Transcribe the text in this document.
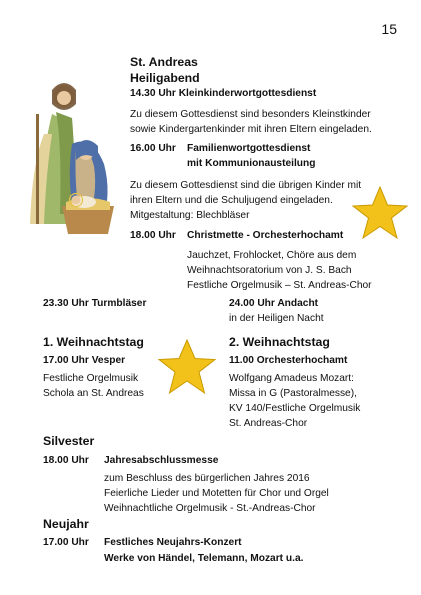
15
St. Andreas
Heiligabend
14.30 Uhr Kleinkinderwortgottesdienst
Zu diesem Gottesdienst sind besonders Kleinstkinder
sowie Kindergartenkinder mit ihren Eltern eingeladen.
16.00 Uhr Familienwortgottesdienst
mit Kommunionausteilung
Zu diesem Gottesdienst sind die übrigen Kinder mit
ihren Eltern und die Schuljugend eingeladen.
Mitgestaltung: Blechbläser
18.00 Uhr Christmette - Orchesterhochamt
Jauchzet, Frohlocket, Chöre aus dem
Weihnachtsoratorium von J. S. Bach
Festliche Orgelmusik – St. Andreas-Chor
23.30 Uhr Turmbläser	24.00 Uhr Andacht
in der Heiligen Nacht
1. Weihnachtstag
17.00 Uhr Vesper
Festliche Orgelmusik
Schola an St. Andreas
2. Weihnachtstag
11.00 Orchesterhochamt
Wolfgang Amadeus Mozart:
Missa in G (Pastoralmesse),
KV 140/Festliche Orgelmusik
St. Andreas-Chor
Silvester
18.00 Uhr Jahresabschlussmesse
zum Beschluss des bürgerlichen Jahres 2016
Feierliche Lieder und Motetten für Chor und Orgel
Weihnachtliche Orgelmusik - St.-Andreas-Chor
Neujahr
17.00 Uhr Festliches Neujahrs-Konzert
Werke von Händel, Telemann, Mozart u.a.
